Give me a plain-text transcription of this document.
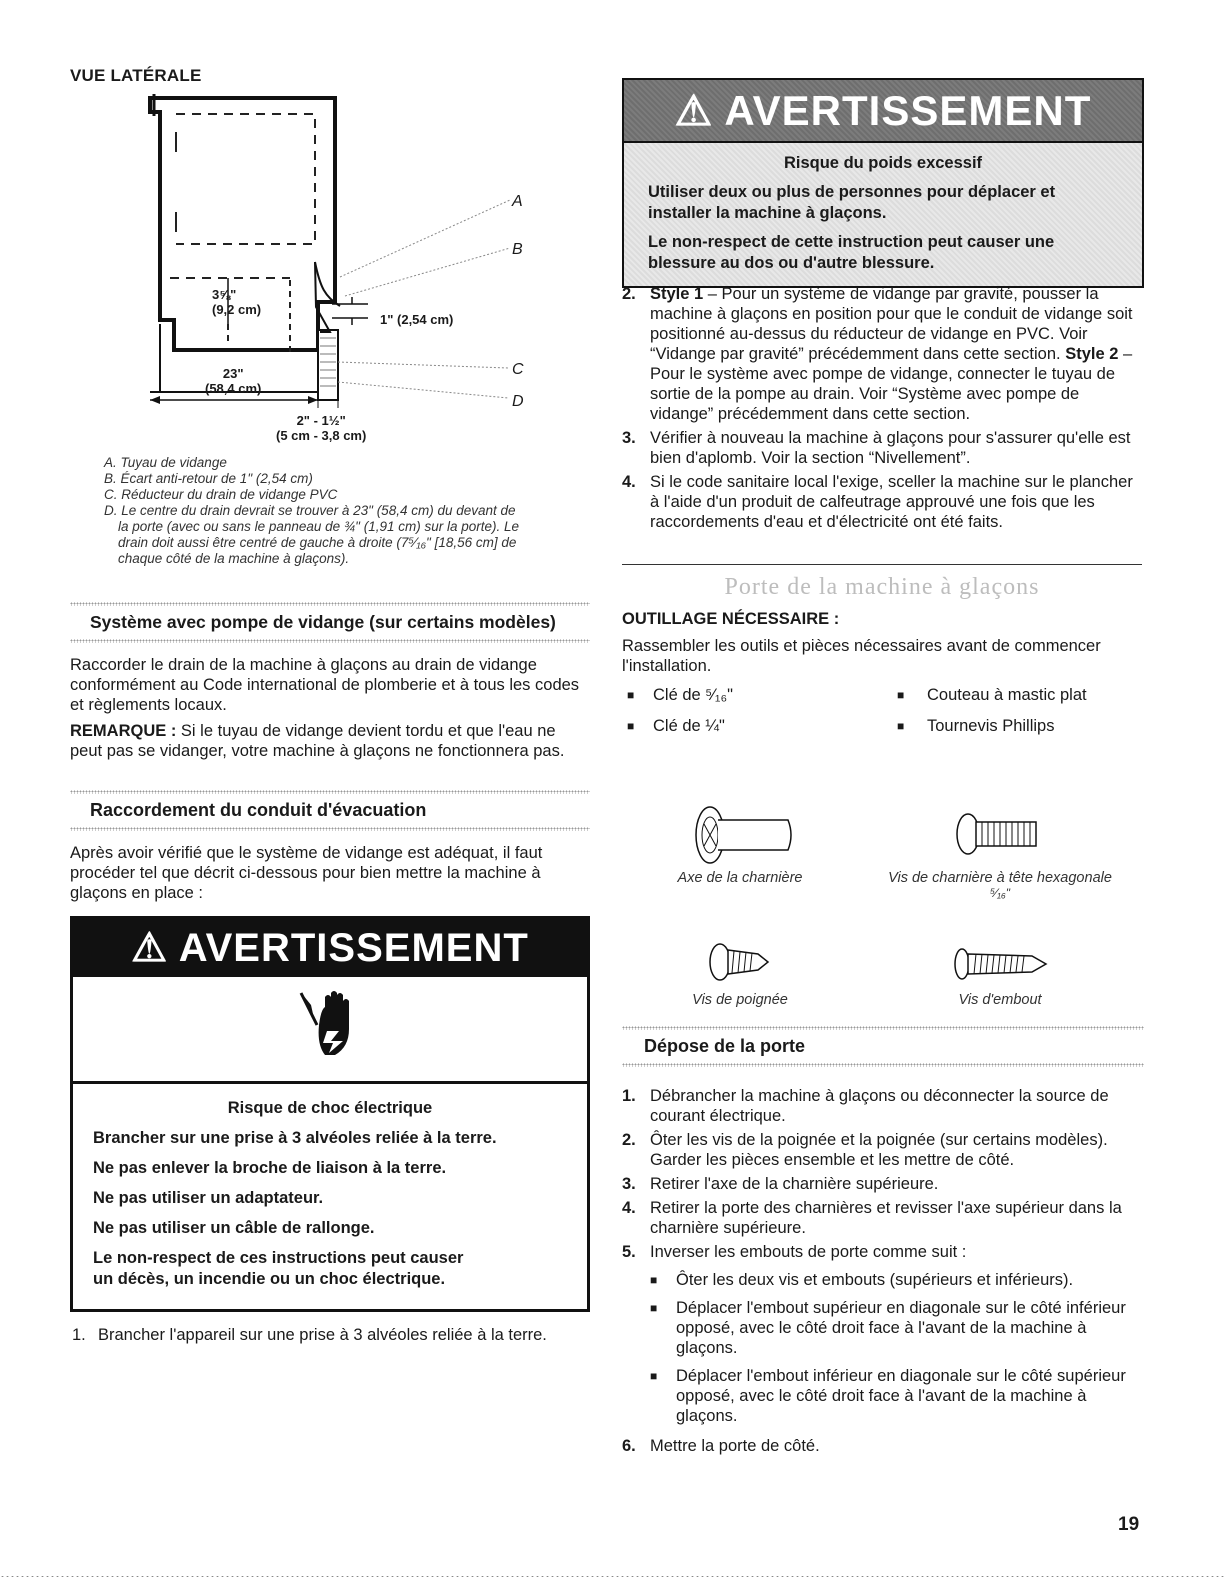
VUE LATÉRALE
A
B
C
D
3⅝"
(9,2 cm)
1" (2,54 cm)
23"
(58,4 cm)
2" - 1½"
(5 cm - 3,8 cm)
A. Tuyau de vidange
B. Écart anti-retour de 1" (2,54 cm)
C. Réducteur du drain de vidange PVC
D. Le centre du drain devrait se trouver à 23" (58,4 cm) du devant de
la porte (avec ou sans le panneau de ¾" (1,91 cm) sur la porte). Le
drain doit aussi être centré de gauche à droite (7⁵⁄₁₆" [18,56 cm] de
chaque côté de la machine à glaçons).
Système avec pompe de vidange (sur certains modèles)
Raccorder le drain de la machine à glaçons au drain de vidange conformément au Code international de plomberie et à tous les codes et règlements locaux.
REMARQUE : Si le tuyau de vidange devient tordu et que l'eau ne peut pas se vidanger, votre machine à glaçons ne fonctionnera pas.
Raccordement du conduit d'évacuation
Après avoir vérifié que le système de vidange est adéquat, il faut procéder tel que décrit ci-dessous pour bien mettre la machine à glaçons en place :
⚠ AVERTISSEMENT
Risque de choc électrique
Brancher sur une prise à 3 alvéoles reliée à la terre.
Ne pas enlever la broche de liaison à la terre.
Ne pas utiliser un adaptateur.
Ne pas utiliser un câble de rallonge.
Le non-respect de ces instructions peut causer
un décès, un incendie ou un choc électrique.
1. Brancher l'appareil sur une prise à 3 alvéoles reliée à la terre.
⚠ AVERTISSEMENT
Risque du poids excessif
Utiliser deux ou plus de personnes pour déplacer et installer la machine à glaçons.
Le non-respect de cette instruction peut causer une blessure au dos ou d'autre blessure.
2. Style 1 – Pour un système de vidange par gravité, pousser la machine à glaçons en position pour que le conduit de vidange soit positionné au-dessus du réducteur de vidange en PVC. Voir “Vidange par gravité” précédemment dans cette section. Style 2 – Pour le système avec pompe de vidange, connecter le tuyau de sortie de la pompe au drain. Voir “Système avec pompe de vidange” précédemment dans cette section.
3. Vérifier à nouveau la machine à glaçons pour s'assurer qu'elle est bien d'aplomb. Voir la section “Nivellement”.
4. Si le code sanitaire local l'exige, sceller la machine sur le plancher à l'aide d'un produit de calfeutrage approuvé une fois que les raccordements d'eau et d'électricité ont été faits.
Porte de la machine à glaçons
OUTILLAGE NÉCESSAIRE :
Rassembler les outils et pièces nécessaires avant de commencer l'installation.
■	Clé de ⁵⁄₁₆"	■	Couteau à mastic plat
■	Clé de ¼"	■	Tournevis Phillips
Axe de la charnière	Vis de charnière à tête hexagonale
⁵⁄₁₆"
Vis de poignée	Vis d'embout
Dépose de la porte
1. Débrancher la machine à glaçons ou déconnecter la source de courant électrique.
2. Ôter les vis de la poignée et la poignée (sur certains modèles). Garder les pièces ensemble et les mettre de côté.
3. Retirer l'axe de la charnière supérieure.
4. Retirer la porte des charnières et revisser l'axe supérieur dans la charnière supérieure.
5. Inverser les embouts de porte comme suit :
■	Ôter les deux vis et embouts (supérieurs et inférieurs).
■	Déplacer l'embout supérieur en diagonale sur le côté inférieur opposé, avec le côté droit face à l'avant de la machine à glaçons.
■	Déplacer l'embout inférieur en diagonale sur le côté supérieur opposé, avec le côté droit face à l'avant de la machine à glaçons.
6. Mettre la porte de côté.
19
